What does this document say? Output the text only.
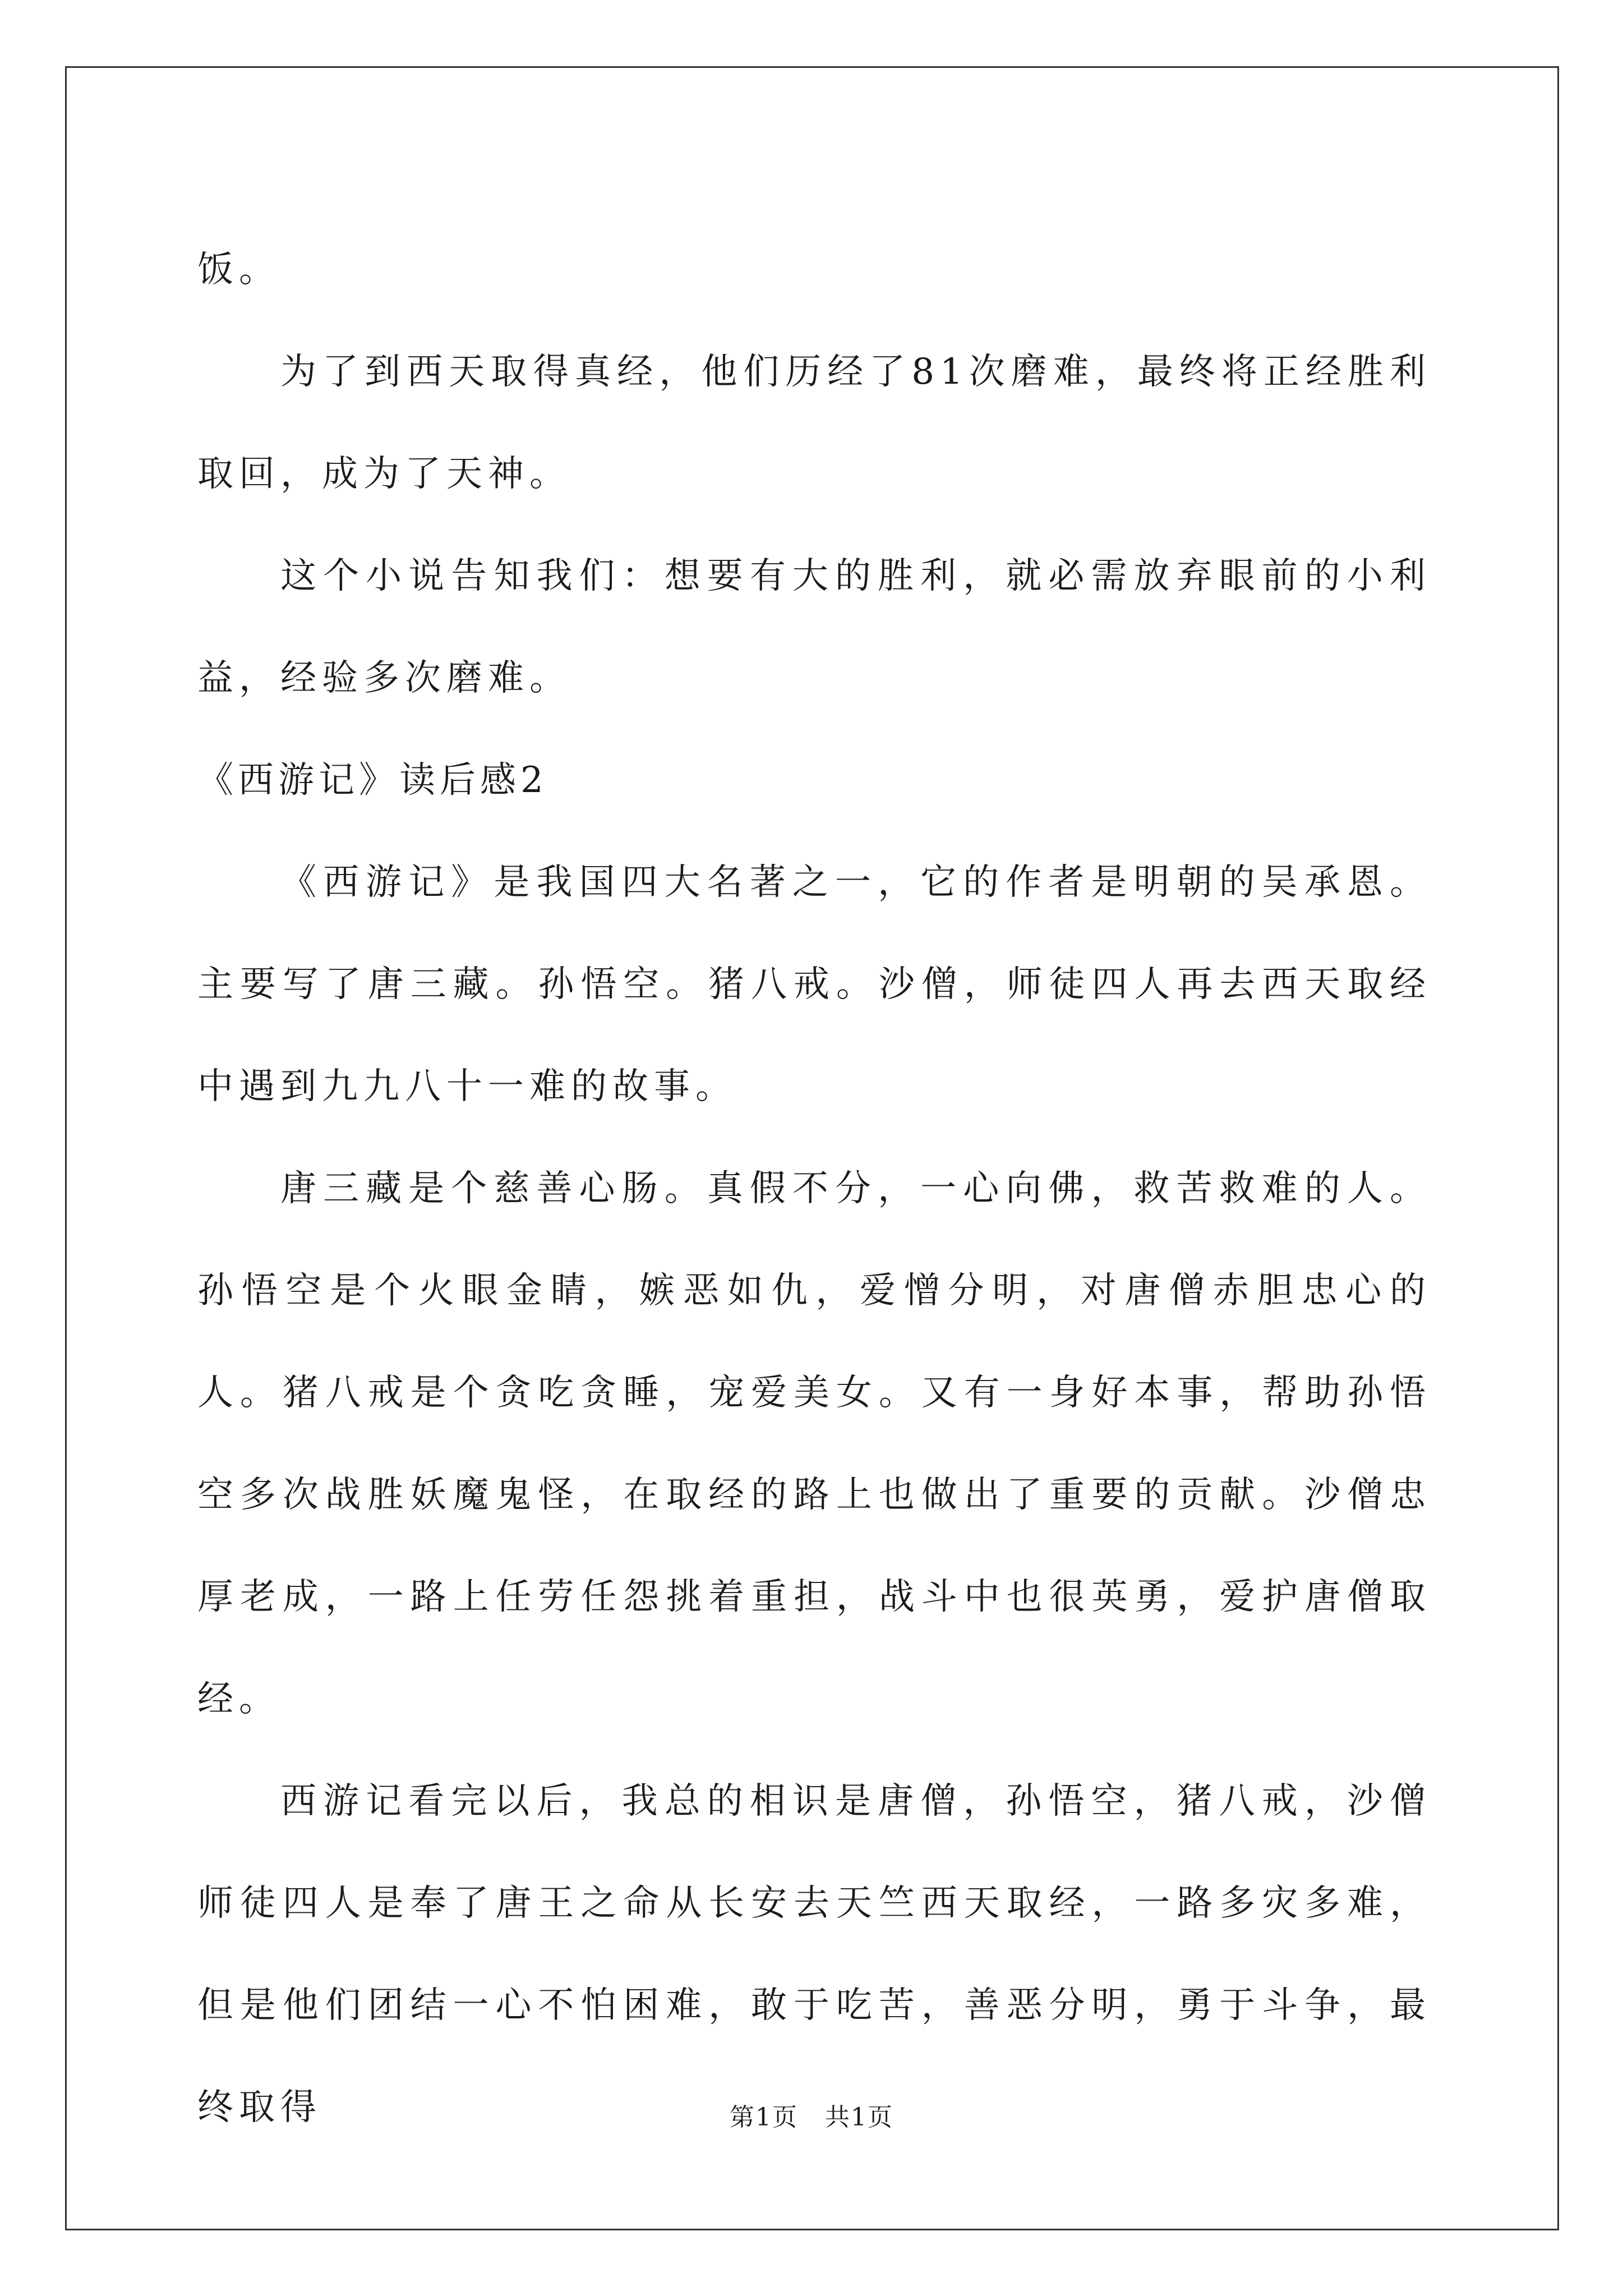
饭。

为了到西天取得真经，他们历经了81次磨难，最终将正经胜利取回，成为了天神。

这个小说告知我们：想要有大的胜利，就必需放弃眼前的小利益，经验多次磨难。

《西游记》读后感2

《西游记》是我国四大名著之一，它的作者是明朝的吴承恩。主要写了唐三藏。孙悟空。猪八戒。沙僧，师徒四人再去西天取经中遇到九九八十一难的故事。

唐三藏是个慈善心肠。真假不分，一心向佛，救苦救难的人。孙悟空是个火眼金睛，嫉恶如仇，爱憎分明，对唐僧赤胆忠心的人。猪八戒是个贪吃贪睡，宠爱美女。又有一身好本事，帮助孙悟空多次战胜妖魔鬼怪，在取经的路上也做出了重要的贡献。沙僧忠厚老成，一路上任劳任怨挑着重担，战斗中也很英勇，爱护唐僧取经。

西游记看完以后，我总的相识是唐僧，孙悟空，猪八戒，沙僧师徒四人是奉了唐王之命从长安去天竺西天取经，一路多灾多难，但是他们团结一心不怕困难，敢于吃苦，善恶分明，勇于斗争，最终取得	第1页 共1页
